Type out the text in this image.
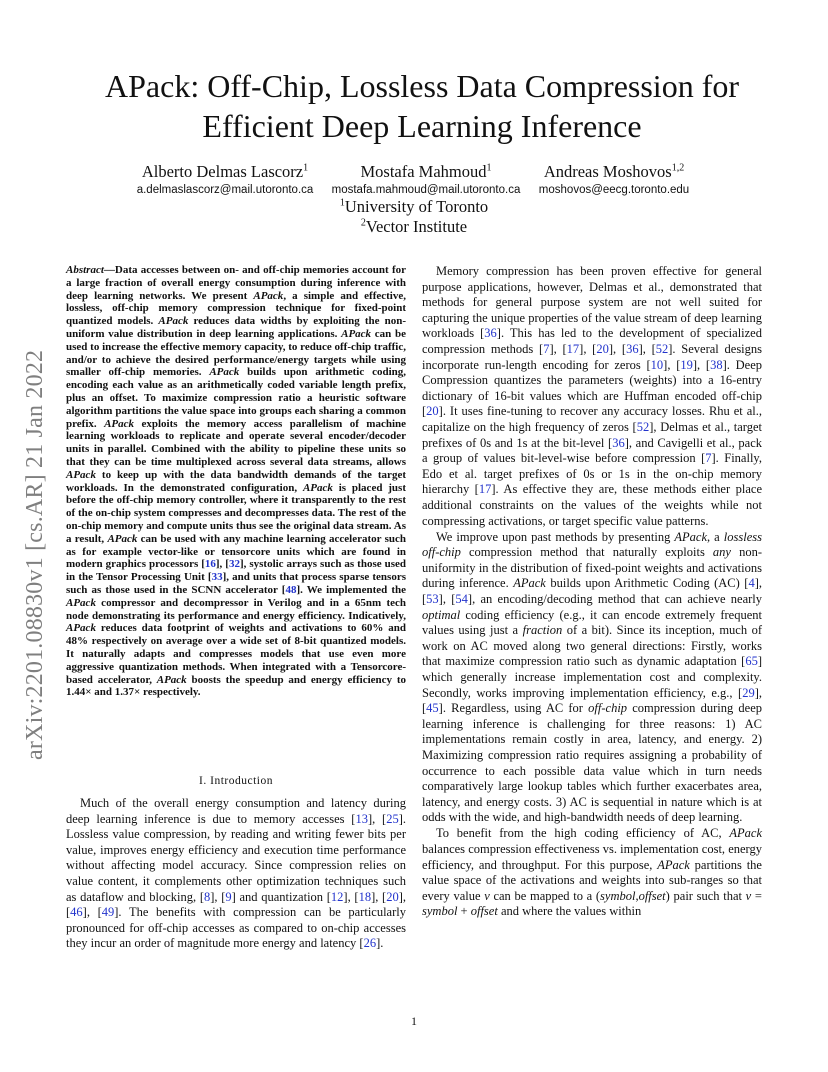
arXiv:2201.08830v1 [cs.AR] 21 Jan 2022
APack: Off-Chip, Lossless Data Compression for Efficient Deep Learning Inference
Alberto Delmas Lascorz$^1$
a.delmaslascorz@mail.utoronto.ca
Mostafa Mahmoud$^1$
mostafa.mahmoud@mail.utoronto.ca
Andreas Moshovos$^{1,2}$
moshovos@eecg.toronto.edu
$^1$University of Toronto
$^2$Vector Institute
Abstract—Data accesses between on- and off-chip memories account for a large fraction of overall energy consumption during inference with deep learning networks. We present APack, a simple and effective, lossless, off-chip memory compression technique for fixed-point quantized models. APack reduces data widths by exploiting the non-uniform value distribution in deep learning applications. APack can be used to increase the effective memory capacity, to reduce off-chip traffic, and/or to achieve the desired performance/energy targets while using smaller off-chip memories. APack builds upon arithmetic coding, encoding each value as an arithmetically coded variable length prefix, plus an offset. To maximize compression ratio a heuristic software algorithm partitions the value space into groups each sharing a common prefix. APack exploits the memory access parallelism of machine learning workloads to replicate and operate several encoder/decoder units in parallel. Combined with the ability to pipeline these units so that they can be time multiplexed across several data streams, allows APack to keep up with the data bandwidth demands of the target workloads. In the demonstrated configuration, APack is placed just before the off-chip memory controller, where it transparently to the rest of the on-chip system compresses and decompresses data. The rest of the on-chip memory and compute units thus see the original data stream. As a result, APack can be used with any machine learning accelerator such as for example vector-like or tensorcore units which are found in modern graphics processors [16], [32], systolic arrays such as those used in the Tensor Processing Unit [33], and units that process sparse tensors such as those used in the SCNN accelerator [48]. We implemented the APack compressor and decompressor in Verilog and in a 65nm tech node demonstrating its performance and energy efficiency. Indicatively, APack reduces data footprint of weights and activations to 60% and 48% respectively on average over a wide set of 8-bit quantized models. It naturally adapts and compresses models that use even more aggressive quantization methods. When integrated with a Tensorcore-based accelerator, APack boosts the speedup and energy efficiency to 1.44× and 1.37× respectively.
I. Introduction

Much of the overall energy consumption and latency during deep learning inference is due to memory accesses [13], [25]. Lossless value compression, by reading and writing fewer bits per value, improves energy efficiency and execution time performance without affecting model accuracy. Since compression relies on value content, it complements other optimization techniques such as dataflow and blocking, [8], [9] and quantization [12], [18], [20], [46], [49]. The benefits with compression can be particularly pronounced for off-chip accesses as compared to on-chip accesses they incur an order of magnitude more energy and latency [26].

Memory compression has been proven effective for general purpose applications, however, Delmas et al., demonstrated that methods for general purpose system are not well suited for capturing the unique properties of the value stream of deep learning workloads [36]. This has led to the development of specialized compression methods [7], [17], [20], [36], [52]. Several designs incorporate run-length encoding for zeros [10], [19], [38]. Deep Compression quantizes the parameters (weights) into a 16-entry dictionary of 16-bit values which are Huffman encoded off-chip [20]. It uses fine-tuning to recover any accuracy losses. Rhu et al., capitalize on the high frequency of zeros [52], Delmas et al., target prefixes of 0s and 1s at the bit-level [36], and Cavigelli et al., pack a group of values bit-level-wise before compression [7]. Finally, Edo et al. target prefixes of 0s or 1s in the on-chip memory hierarchy [17]. As effective they are, these methods either place additional constraints on the values of the weights while not compressing activations, or target specific value patterns.

We improve upon past methods by presenting APack, a lossless off-chip compression method that naturally exploits any non-uniformity in the distribution of fixed-point weights and activations during inference. APack builds upon Arithmetic Coding (AC) [4], [53], [54], an encoding/decoding method that can achieve nearly optimal coding efficiency (e.g., it can encode extremely frequent values using just a fraction of a bit). Since its inception, much of work on AC moved along two general directions: Firstly, works that maximize compression ratio such as dynamic adaptation [65] which generally increase implementation cost and complexity. Secondly, works improving implementation efficiency, e.g., [29], [45]. Regardless, using AC for off-chip compression during deep learning inference is challenging for three reasons: 1) AC implementations remain costly in area, latency, and energy. 2) Maximizing compression ratio requires assigning a probability of occurrence to each possible data value which in turn needs comparatively large lookup tables which further exacerbates area, latency, and energy costs. 3) AC is sequential in nature which is at odds with the wide, and high-bandwidth needs of deep learning.

To benefit from the high coding efficiency of AC, APack balances compression effectiveness vs. implementation cost, energy efficiency, and throughput. For this purpose, APack partitions the value space of the activations and weights into sub-ranges so that every value v can be mapped to a (symbol,offset) pair such that v = symbol + offset and where the values within

1
